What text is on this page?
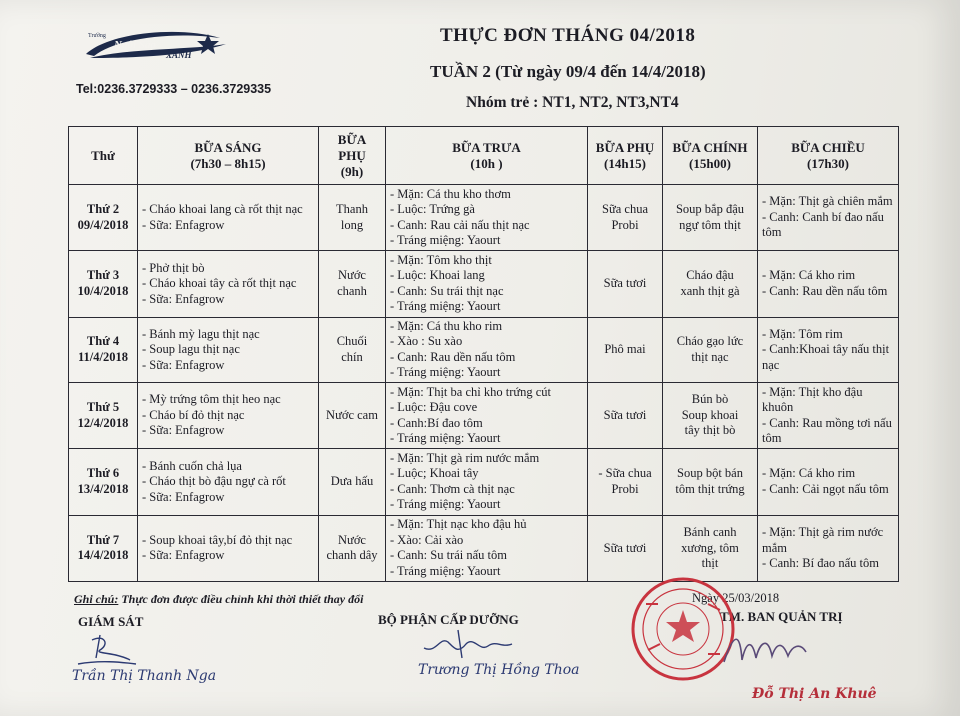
Trường
Ngôi Sao
XANH
Tel:0236.3729333 – 0236.3729335
THỰC ĐƠN THÁNG 04/2018
TUẦN 2 (Từ ngày 09/4 đến 14/4/2018)
Nhóm trẻ : NT1, NT2, NT3,NT4
Thứ	BỮA SÁNG
(7h30 – 8h15)	BỮA
PHỤ
(9h)	BỮA TRƯA
(10h )	BỮA PHỤ
(14h15)	BỮA CHÍNH
(15h00)	BỮA CHIỀU
(17h30)

Thứ 2
09/4/2018	- Cháo khoai lang cà rốt thịt nạc
- Sữa: Enfagrow	Thanh
long	- Mặn: Cá thu kho thơm
- Luộc: Trứng gà
- Canh: Rau cải nấu thịt nạc
- Tráng miệng: Yaourt	Sữa chua
Probi	Soup bắp đậu
ngự tôm thịt	- Mặn: Thịt gà chiên mắm
- Canh: Canh bí đao nấu tôm

Thứ 3
10/4/2018	- Phở thịt bò
- Cháo khoai tây cà rốt thịt nạc
- Sữa: Enfagrow	Nước
chanh	- Mặn: Tôm kho thịt
- Luộc: Khoai lang
- Canh: Su trái thịt nạc
- Tráng miệng: Yaourt	Sữa tươi	Cháo đậu
xanh thịt gà	- Mặn: Cá kho rim
- Canh: Rau dền nấu tôm

Thứ 4
11/4/2018	- Bánh mỳ lagu thịt nạc
- Soup lagu thịt nạc
- Sữa: Enfagrow	Chuối
chín	- Mặn: Cá thu kho rim
- Xào : Su xào
- Canh: Rau dền nấu tôm
- Tráng miệng: Yaourt	Phô mai	Cháo gạo lức
thịt nạc	- Mặn: Tôm rim
- Canh:Khoai tây nấu thịt nạc

Thứ 5
12/4/2018	- Mỳ trứng tôm thịt heo nạc
- Cháo bí đỏ thịt nạc
- Sữa: Enfagrow	Nước cam	- Mặn: Thịt ba chỉ kho trứng cút
- Luộc: Đậu cove
- Canh:Bí đao tôm
- Tráng miệng: Yaourt	Sữa tươi	Bún bò
Soup khoai
tây thịt bò	- Mặn: Thịt kho đậu khuôn
- Canh: Rau mồng tơi nấu tôm

Thứ 6
13/4/2018	- Bánh cuốn chả lụa
- Cháo thịt bò đậu ngự cà rốt
- Sữa: Enfagrow	Dưa hấu	- Mặn: Thịt gà rim nước mắm
- Luộc; Khoai tây
- Canh: Thơm cà thịt nạc
- Tráng miệng: Yaourt	- Sữa chua
Probi	Soup bột bán
tôm thịt trứng	- Mặn: Cá kho rim
- Canh: Cải ngọt nấu tôm

Thứ 7
14/4/2018	- Soup khoai tây,bí đỏ thịt nạc
- Sữa: Enfagrow	Nước
chanh dây	- Mặn: Thịt nạc kho đậu hủ
- Xào: Cải xào
- Canh: Su trái nấu tôm
- Tráng miệng: Yaourt	Sữa tươi	Bánh canh
xương, tôm
thịt	- Mặn: Thịt gà rim nước mắm
- Canh: Bí đao nấu tôm
Ghi chú: Thực đơn được điều chỉnh khi thời thiết thay đổi	Ngày 25/03/2018
GIÁM SÁT	BỘ PHẬN CẤP DƯỠNG	TM. BAN QUẢN TRỊ
Trần Thị Thanh Nga	Trương Thị Hồng Thoa
Đỗ Thị An Khuê
